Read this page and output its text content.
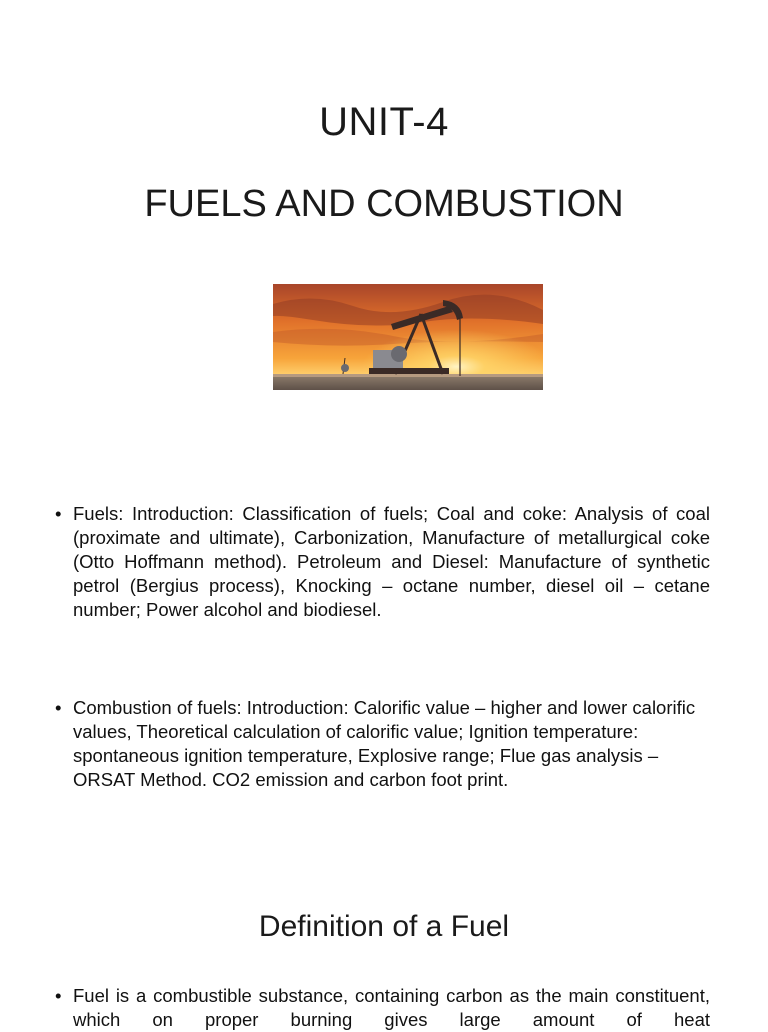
UNIT-4
FUELS AND COMBUSTION
• Fuels: Introduction: Classification of fuels; Coal and coke: Analysis of coal (proximate and ultimate), Carbonization, Manufacture of metallurgical coke (Otto Hoffmann method). Petroleum and Diesel: Manufacture of synthetic petrol (Bergius process), Knocking – octane number, diesel oil – cetane number; Power alcohol and biodiesel.
• Combustion of fuels: Introduction: Calorific value – higher and lower calorific values, Theoretical calculation of calorific value; Ignition temperature: spontaneous ignition temperature, Explosive range; Flue gas analysis – ORSAT Method. CO2 emission and carbon foot print.
Definition of a Fuel
• Fuel is a combustible substance, containing carbon as the main constituent, which on proper burning gives large amount of heat
